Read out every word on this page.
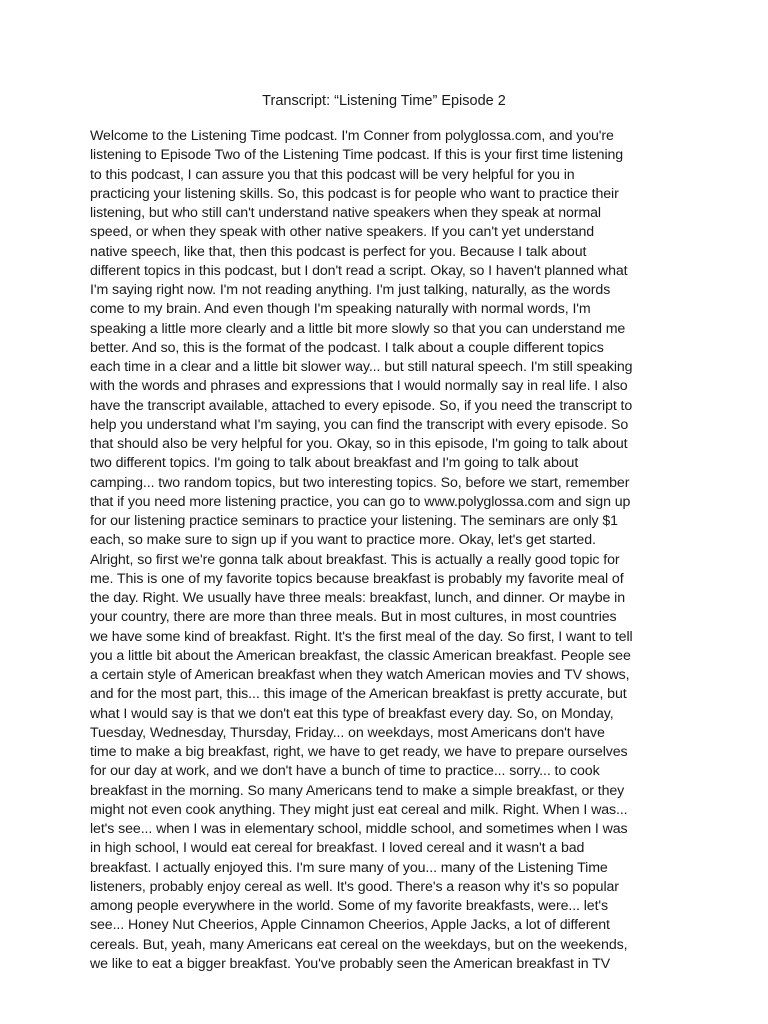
Transcript: “Listening Time” Episode 2
Welcome to the Listening Time podcast. I'm Conner from polyglossa.com, and you're
listening to Episode Two of the Listening Time podcast. If this is your first time listening
to this podcast, I can assure you that this podcast will be very helpful for you in
practicing your listening skills. So, this podcast is for people who want to practice their
listening, but who still can't understand native speakers when they speak at normal
speed, or when they speak with other native speakers. If you can't yet understand
native speech, like that, then this podcast is perfect for you. Because I talk about
different topics in this podcast, but I don't read a script. Okay, so I haven't planned what
I'm saying right now. I'm not reading anything. I'm just talking, naturally, as the words
come to my brain. And even though I'm speaking naturally with normal words, I'm
speaking a little more clearly and a little bit more slowly so that you can understand me
better. And so, this is the format of the podcast. I talk about a couple different topics
each time in a clear and a little bit slower way... but still natural speech. I'm still speaking
with the words and phrases and expressions that I would normally say in real life. I also
have the transcript available, attached to every episode. So, if you need the transcript to
help you understand what I'm saying, you can find the transcript with every episode. So
that should also be very helpful for you. Okay, so in this episode, I'm going to talk about
two different topics. I'm going to talk about breakfast and I'm going to talk about
camping... two random topics, but two interesting topics. So, before we start, remember
that if you need more listening practice, you can go to www.polyglossa.com and sign up
for our listening practice seminars to practice your listening. The seminars are only $1
each, so make sure to sign up if you want to practice more. Okay, let's get started.
Alright, so first we're gonna talk about breakfast. This is actually a really good topic for
me. This is one of my favorite topics because breakfast is probably my favorite meal of
the day. Right. We usually have three meals: breakfast, lunch, and dinner. Or maybe in
your country, there are more than three meals. But in most cultures, in most countries
we have some kind of breakfast. Right. It's the first meal of the day. So first, I want to tell
you a little bit about the American breakfast, the classic American breakfast. People see
a certain style of American breakfast when they watch American movies and TV shows,
and for the most part, this... this image of the American breakfast is pretty accurate, but
what I would say is that we don't eat this type of breakfast every day. So, on Monday,
Tuesday, Wednesday, Thursday, Friday... on weekdays, most Americans don't have
time to make a big breakfast, right, we have to get ready, we have to prepare ourselves
for our day at work, and we don't have a bunch of time to practice... sorry... to cook
breakfast in the morning. So many Americans tend to make a simple breakfast, or they
might not even cook anything. They might just eat cereal and milk. Right. When I was...
let's see... when I was in elementary school, middle school, and sometimes when I was
in high school, I would eat cereal for breakfast. I loved cereal and it wasn't a bad
breakfast. I actually enjoyed this. I'm sure many of you... many of the Listening Time
listeners, probably enjoy cereal as well. It's good. There's a reason why it's so popular
among people everywhere in the world. Some of my favorite breakfasts, were... let's
see... Honey Nut Cheerios, Apple Cinnamon Cheerios, Apple Jacks, a lot of different
cereals. But, yeah, many Americans eat cereal on the weekdays, but on the weekends,
we like to eat a bigger breakfast. You've probably seen the American breakfast in TV
